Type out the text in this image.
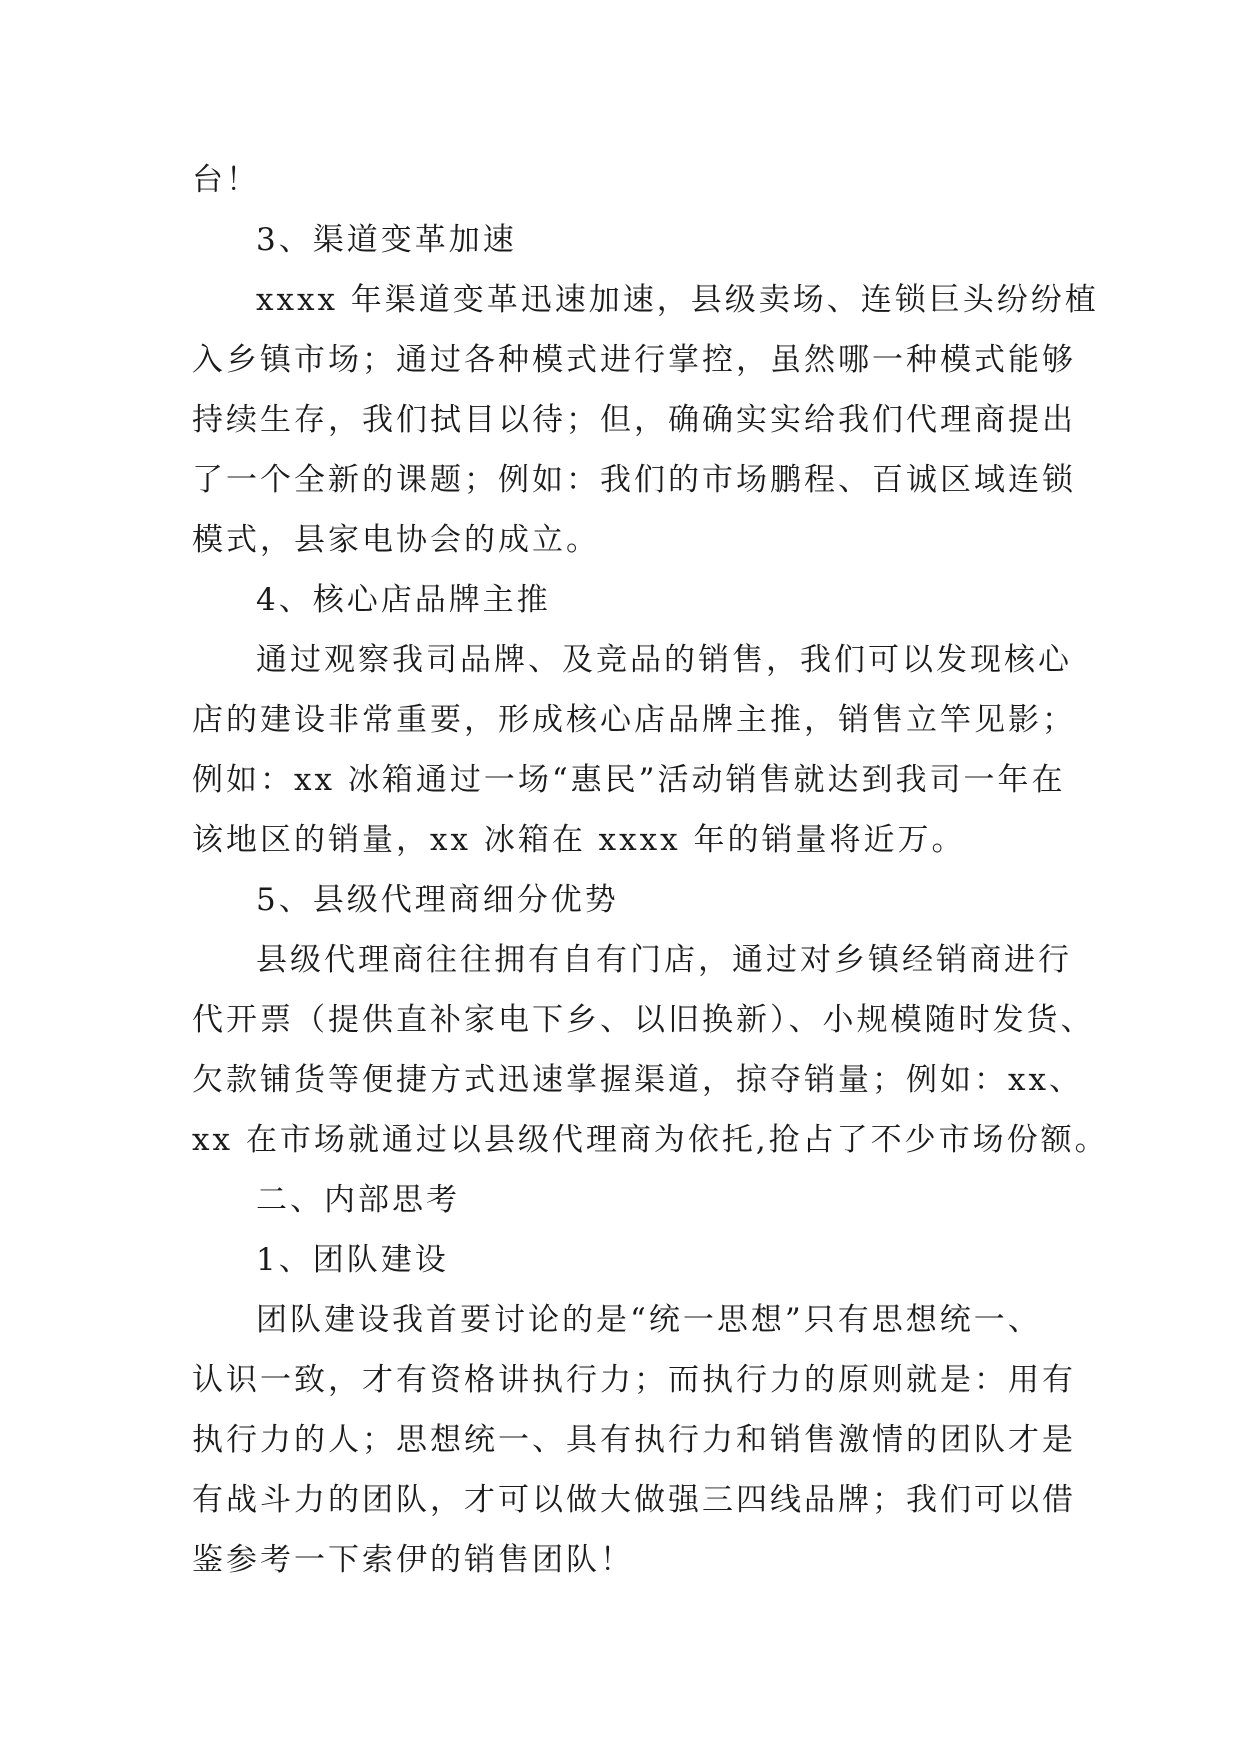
台！
3、渠道变革加速
xxxx 年渠道变革迅速加速，县级卖场、连锁巨头纷纷植
入乡镇市场；通过各种模式进行掌控，虽然哪一种模式能够
持续生存，我们拭目以待；但，确确实实给我们代理商提出
了一个全新的课题；例如：我们的市场鹏程、百诚区域连锁
模式，县家电协会的成立。
4、核心店品牌主推
通过观察我司品牌、及竞品的销售，我们可以发现核心
店的建设非常重要，形成核心店品牌主推，销售立竿见影；
例如：xx 冰箱通过一场“惠民”活动销售就达到我司一年在
该地区的销量，xx 冰箱在 xxxx 年的销量将近万。
5、县级代理商细分优势
县级代理商往往拥有自有门店，通过对乡镇经销商进行
代开票（提供直补家电下乡、以旧换新）、小规模随时发货、
欠款铺货等便捷方式迅速掌握渠道，掠夺销量；例如：xx、
xx 在市场就通过以县级代理商为依托,抢占了不少市场份额。
二、内部思考
1、团队建设
团队建设我首要讨论的是“统一思想”只有思想统一、
认识一致，才有资格讲执行力；而执行力的原则就是：用有
执行力的人；思想统一、具有执行力和销售激情的团队才是
有战斗力的团队，才可以做大做强三四线品牌；我们可以借
鉴参考一下索伊的销售团队！
